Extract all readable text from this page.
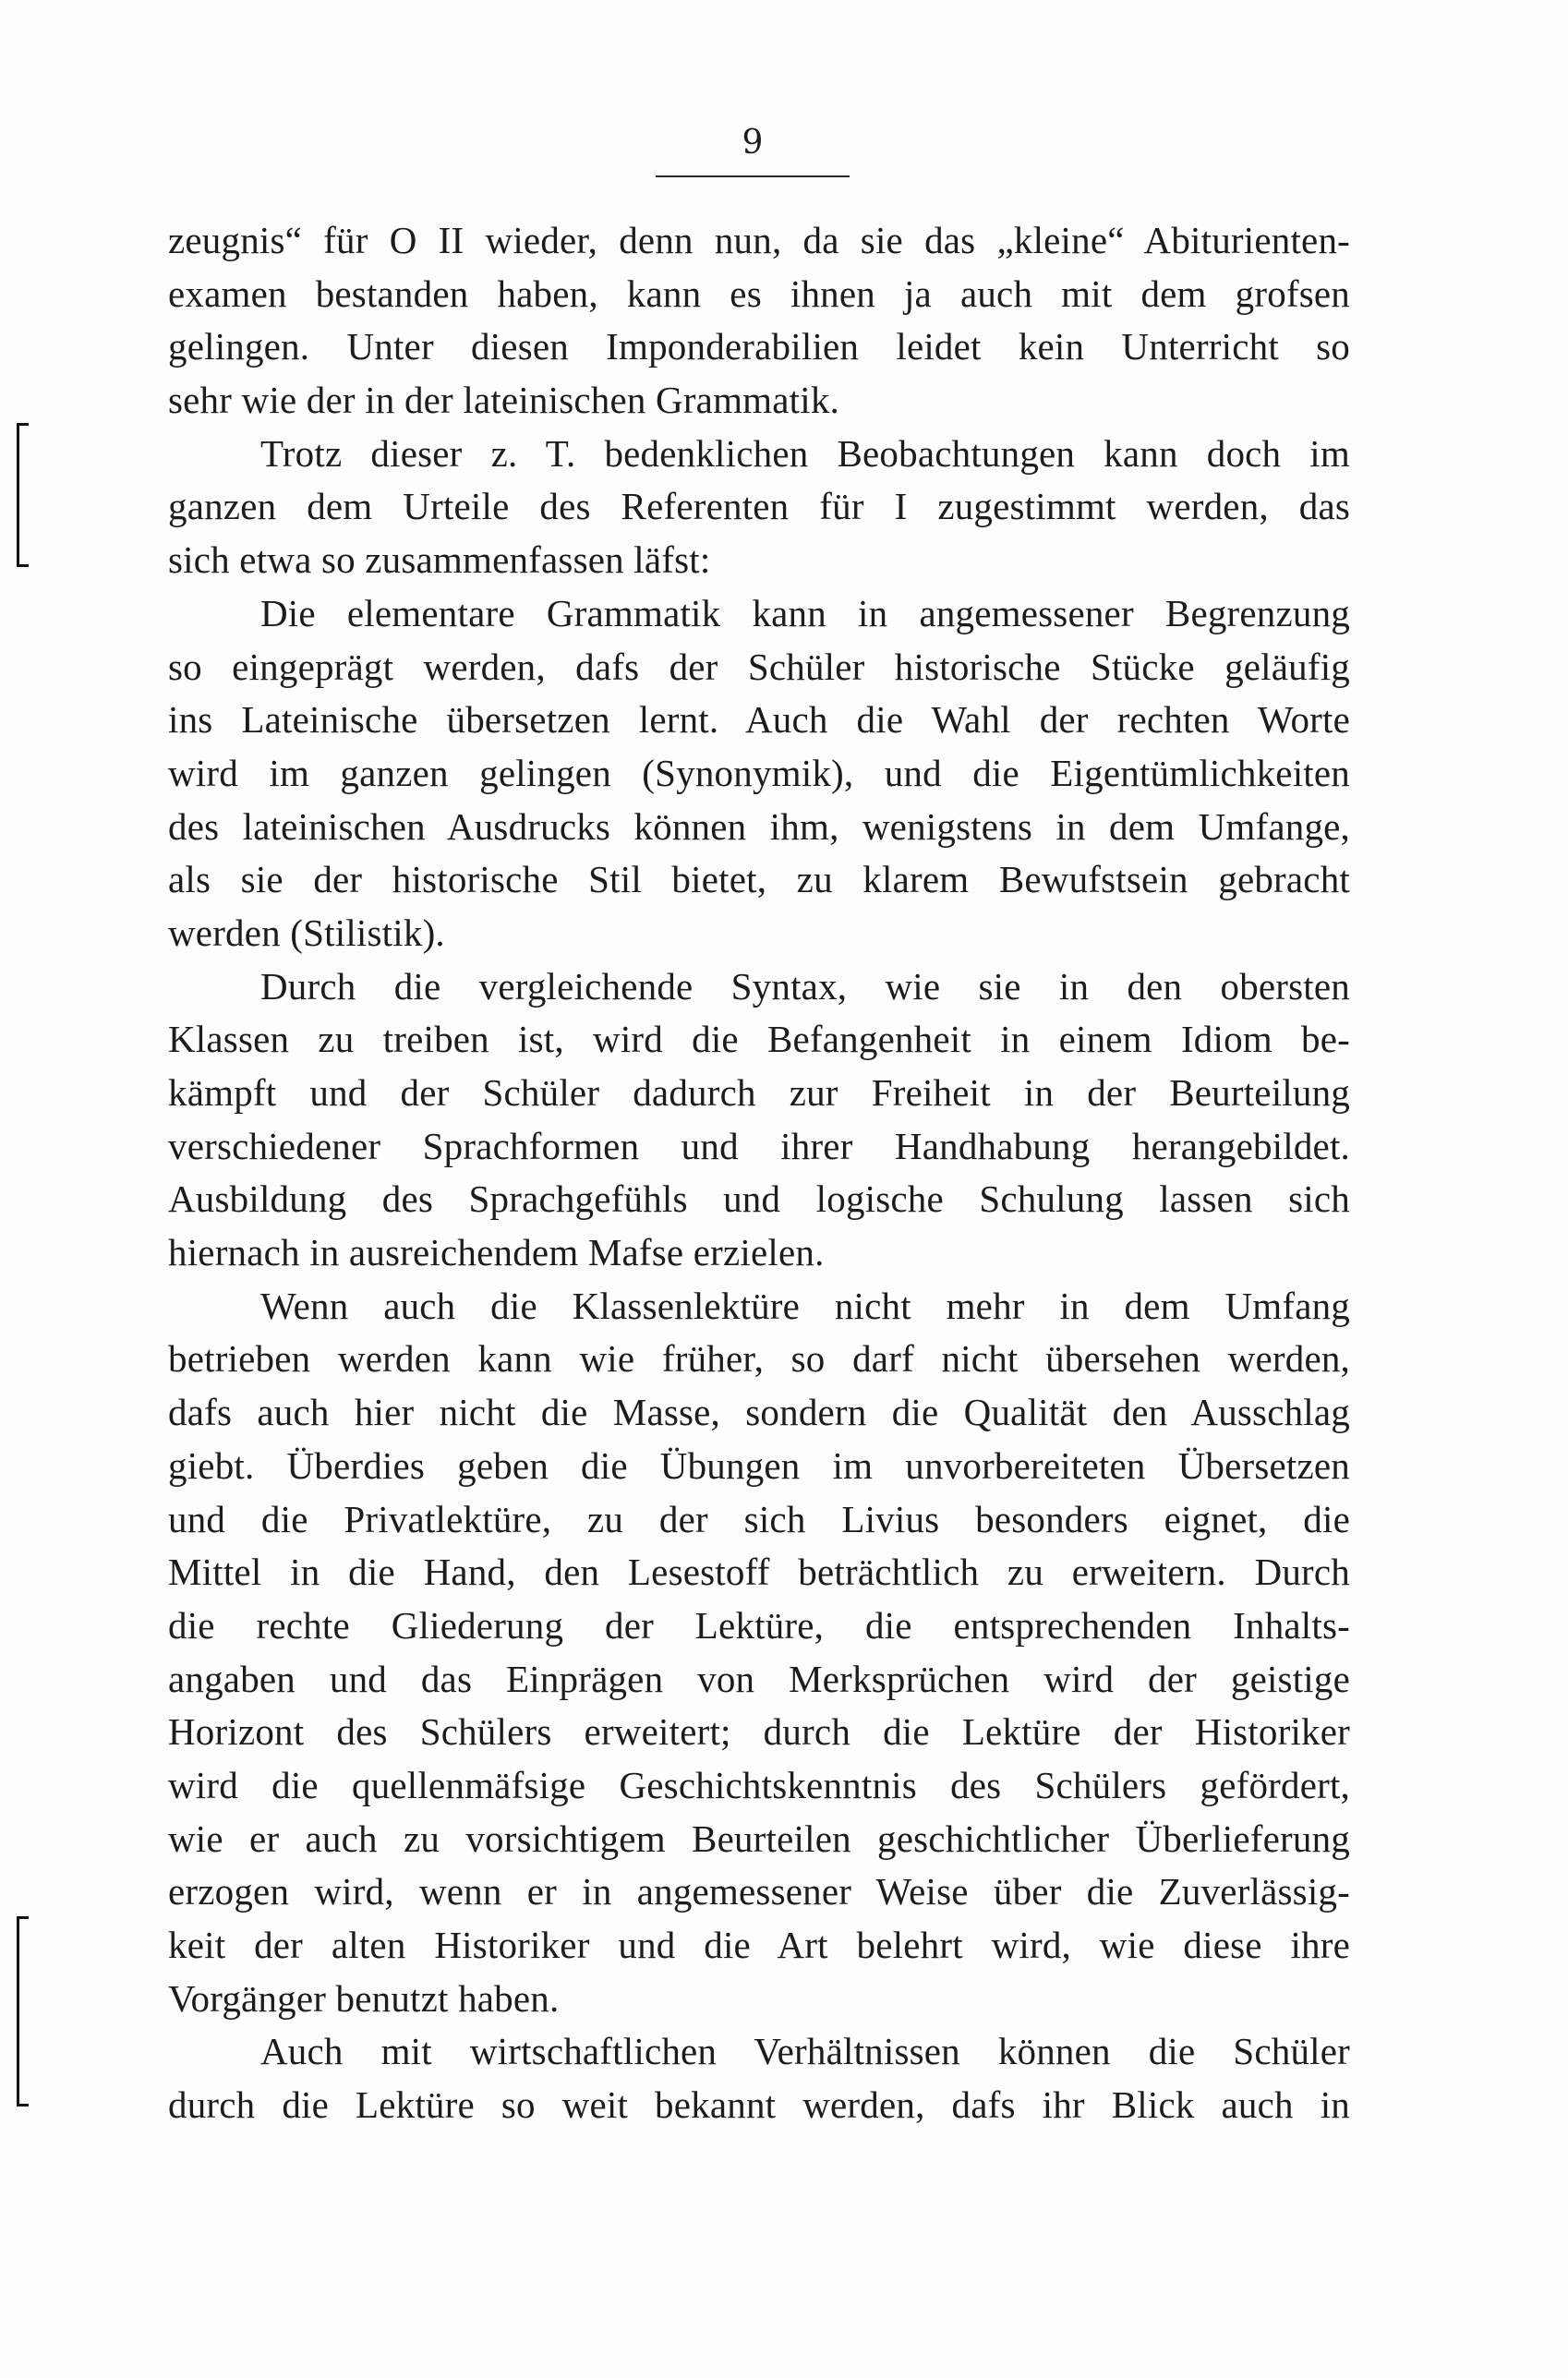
9
zeugnis“ für O II wieder, denn nun, da sie das „kleine“ Abiturienten-
examen bestanden haben, kann es ihnen ja auch mit dem grofsen
gelingen. Unter diesen Imponderabilien leidet kein Unterricht so
sehr wie der in der lateinischen Grammatik.
Trotz dieser z. T. bedenklichen Beobachtungen kann doch im
ganzen dem Urteile des Referenten für I zugestimmt werden, das
sich etwa so zusammenfassen läfst:
Die elementare Grammatik kann in angemessener Begrenzung
so eingeprägt werden, dafs der Schüler historische Stücke geläufig
ins Lateinische übersetzen lernt. Auch die Wahl der rechten Worte
wird im ganzen gelingen (Synonymik), und die Eigentümlichkeiten
des lateinischen Ausdrucks können ihm, wenigstens in dem Umfange,
als sie der historische Stil bietet, zu klarem Bewufstsein gebracht
werden (Stilistik).
Durch die vergleichende Syntax, wie sie in den obersten
Klassen zu treiben ist, wird die Befangenheit in einem Idiom be-
kämpft und der Schüler dadurch zur Freiheit in der Beurteilung
verschiedener Sprachformen und ihrer Handhabung herangebildet.
Ausbildung des Sprachgefühls und logische Schulung lassen sich
hiernach in ausreichendem Mafse erzielen.
Wenn auch die Klassenlektüre nicht mehr in dem Umfang
betrieben werden kann wie früher, so darf nicht übersehen werden,
dafs auch hier nicht die Masse, sondern die Qualität den Ausschlag
giebt. Überdies geben die Übungen im unvorbereiteten Übersetzen
und die Privatlektüre, zu der sich Livius besonders eignet, die
Mittel in die Hand, den Lesestoff beträchtlich zu erweitern. Durch
die rechte Gliederung der Lektüre, die entsprechenden Inhalts-
angaben und das Einprägen von Merksprüchen wird der geistige
Horizont des Schülers erweitert; durch die Lektüre der Historiker
wird die quellenmäfsige Geschichtskenntnis des Schülers gefördert,
wie er auch zu vorsichtigem Beurteilen geschichtlicher Überlieferung
erzogen wird, wenn er in angemessener Weise über die Zuverlässig-
keit der alten Historiker und die Art belehrt wird, wie diese ihre
Vorgänger benutzt haben.
Auch mit wirtschaftlichen Verhältnissen können die Schüler
durch die Lektüre so weit bekannt werden, dafs ihr Blick auch in
